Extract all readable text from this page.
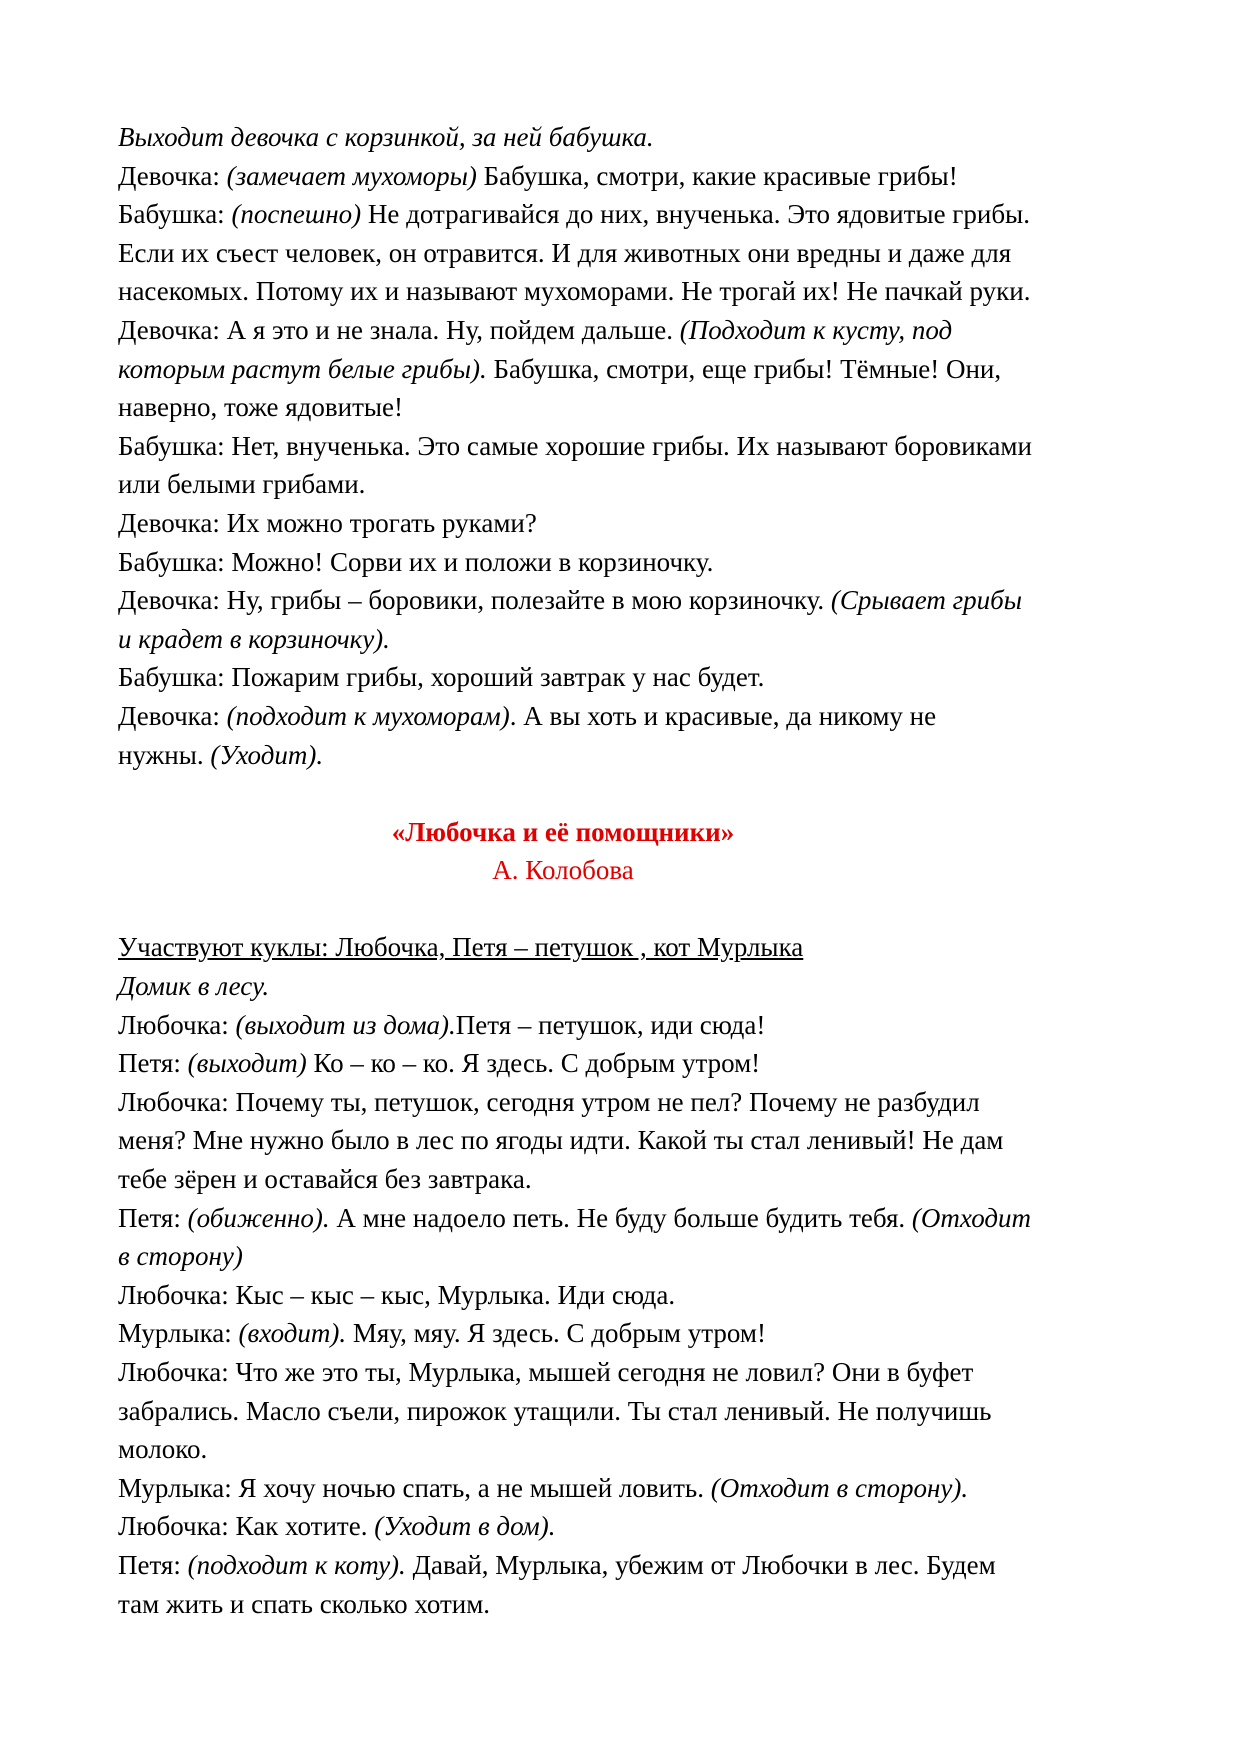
Выходит девочка с корзинкой, за ней бабушка.
Девочка: (замечает мухоморы) Бабушка, смотри, какие красивые грибы!
Бабушка: (поспешно) Не дотрагивайся до них, внученька. Это ядовитые грибы.
Если их съест человек, он отравится. И для животных они вредны и даже для
насекомых. Потому их и называют мухоморами. Не трогай их! Не пачкай руки.
Девочка: А я это и не знала. Ну, пойдем дальше. (Подходит к кусту, под
которым растут белые грибы). Бабушка, смотри, еще грибы! Тёмные! Они,
наверно, тоже ядовитые!
Бабушка: Нет, внученька. Это самые хорошие грибы. Их называют боровиками
или белыми грибами.
Девочка: Их можно трогать руками?
Бабушка: Можно! Сорви их и положи в корзиночку.
Девочка: Ну, грибы – боровики, полезайте в мою корзиночку. (Срывает грибы
и крадет в корзиночку).
Бабушка: Пожарим грибы, хороший завтрак у нас будет.
Девочка: (подходит к мухоморам). А вы хоть и красивые, да никому не
нужны. (Уходит).
«Любочка и её помощники»
А. Колобова
Участвуют куклы: Любочка, Петя – петушок , кот Мурлыка
Домик в лесу.
Любочка: (выходит из дома).Петя – петушок, иди сюда!
Петя: (выходит) Ко – ко – ко. Я здесь. С добрым утром!
Любочка: Почему ты, петушок, сегодня утром не пел? Почему не разбудил
меня? Мне нужно было в лес по ягоды идти. Какой ты стал ленивый! Не дам
тебе зёрен и оставайся без завтрака.
Петя: (обиженно). А мне надоело петь. Не буду больше будить тебя. (Отходит
в сторону)
Любочка: Кыс – кыс – кыс, Мурлыка. Иди сюда.
Мурлыка: (входит). Мяу, мяу. Я здесь. С добрым утром!
Любочка: Что же это ты, Мурлыка, мышей сегодня не ловил? Они в буфет
забрались. Масло съели, пирожок утащили. Ты стал ленивый. Не получишь
молоко.
Мурлыка: Я хочу ночью спать, а не мышей ловить. (Отходит в сторону).
Любочка: Как хотите. (Уходит в дом).
Петя: (подходит к коту). Давай, Мурлыка, убежим от Любочки в лес. Будем
там жить и спать сколько хотим.
